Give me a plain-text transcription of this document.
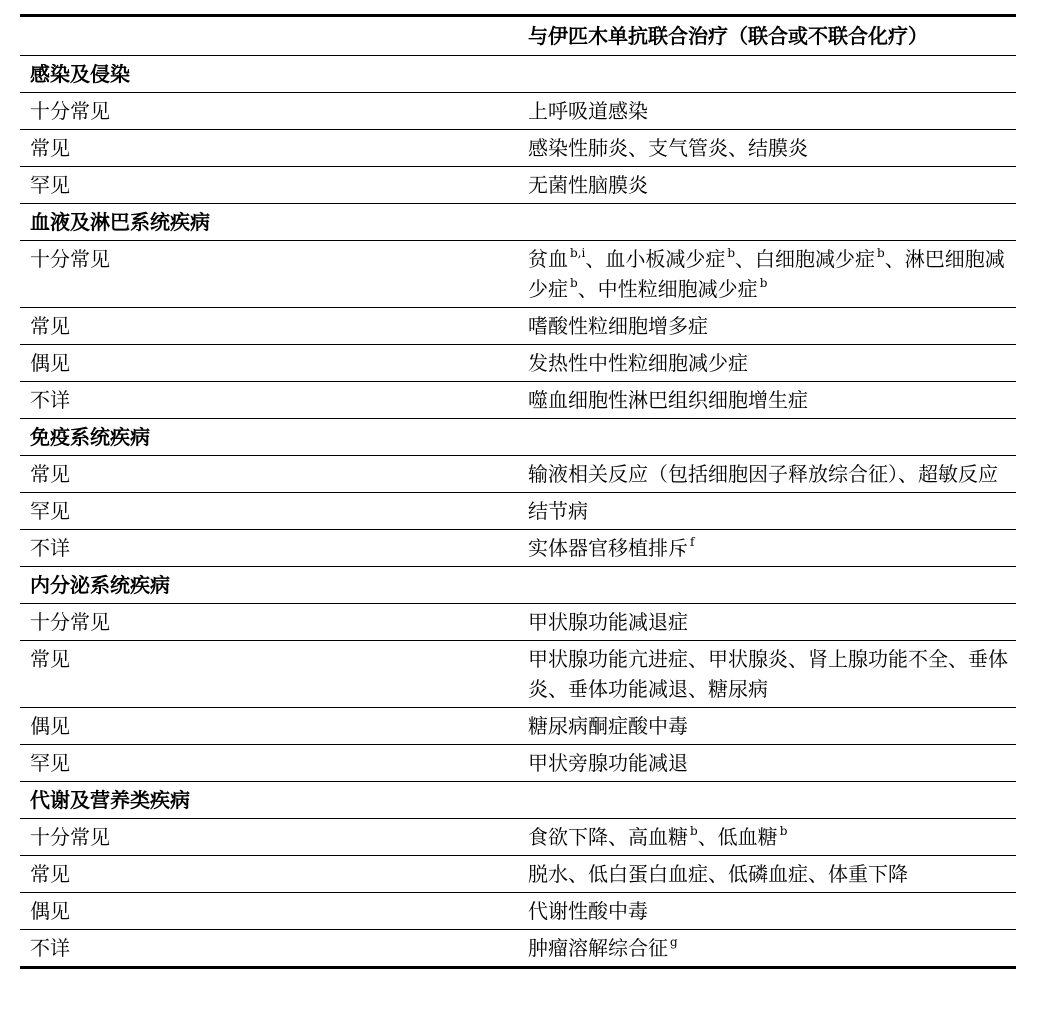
	与伊匹木单抗联合治疗（联合或不联合化疗）
感染及侵染	
十分常见	上呼吸道感染
常见	感染性肺炎、支气管炎、结膜炎
罕见	无菌性脑膜炎
血液及淋巴系统疾病	
十分常见	贫血 $^{b,i}$、血小板减少症 $^b$、白细胞减少症 $^b$、淋巴细胞减少症 $^b$、中性粒细胞减少症 $^b$
常见	嗜酸性粒细胞增多症
偶见	发热性中性粒细胞减少症
不详	噬血细胞性淋巴组织细胞增生症
免疫系统疾病	
常见	输液相关反应（包括细胞因子释放综合征）、超敏反应
罕见	结节病
不详	实体器官移植排斥 $^f$
内分泌系统疾病	
十分常见	甲状腺功能减退症
常见	甲状腺功能亢进症、甲状腺炎、肾上腺功能不全、垂体炎、垂体功能减退、糖尿病
偶见	糖尿病酮症酸中毒
罕见	甲状旁腺功能减退
代谢及营养类疾病	
十分常见	食欲下降、高血糖 $^b$、低血糖 $^b$
常见	脱水、低白蛋白血症、低磷血症、体重下降
偶见	代谢性酸中毒
不详	肿瘤溶解综合征 $^g$
